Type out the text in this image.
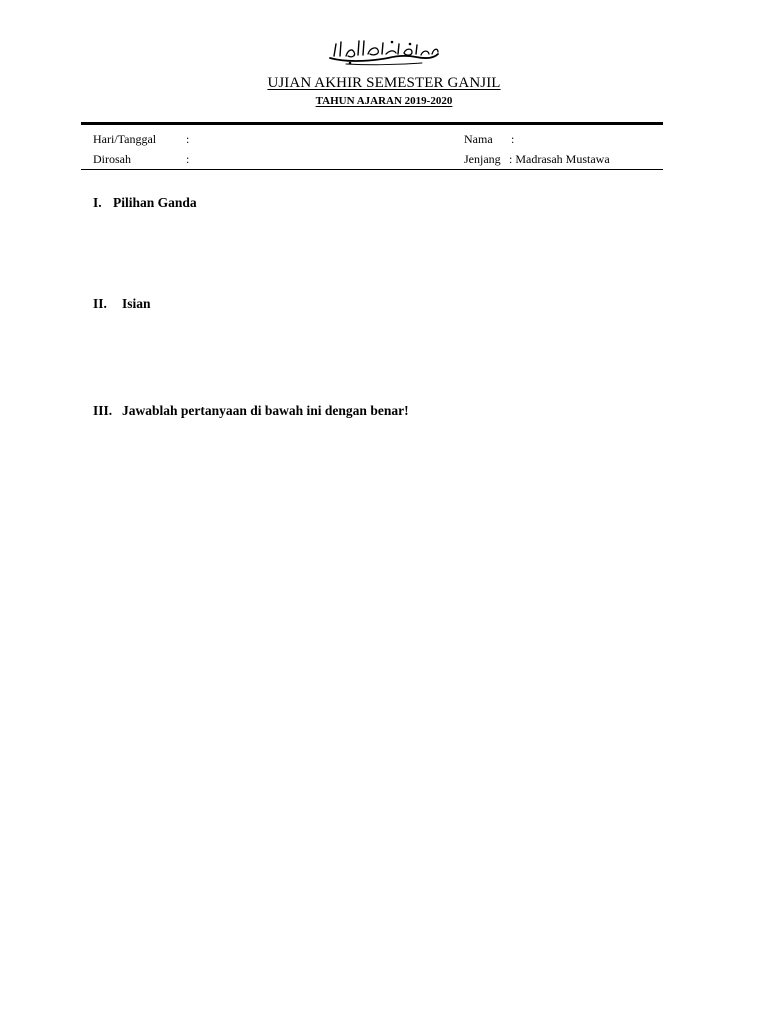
UJIAN AKHIR SEMESTER GANJIL
TAHUN AJARAN 2019-2020
Hari/Tanggal :
Dirosah	:
Nama :
Jenjang : Madrasah Mustawa
I. Pilihan Ganda
II. Isian
III. Jawablah pertanyaan di bawah ini dengan benar!
